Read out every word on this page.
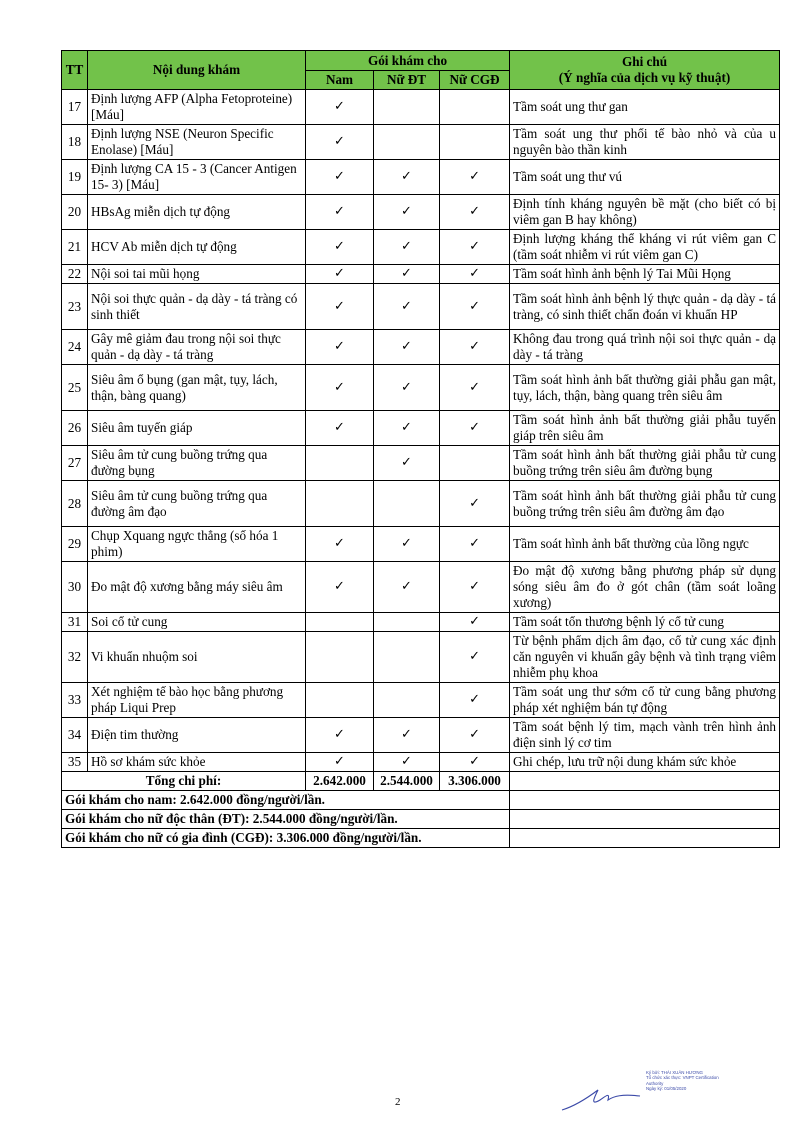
TT	Nội dung khám	Gói khám cho			Ghi chú
(Ý nghĩa của dịch vụ kỹ thuật)

		Nam	Nữ ĐT	Nữ CGĐ	
17	Định lượng AFP (Alpha Fetoproteine) [Máu]	✓			Tầm soát ung thư gan
18	Định lượng NSE (Neuron Specific Enolase) [Máu]	✓			Tầm soát ung thư phổi tế bào nhỏ và của u nguyên bào thần kinh
19	Định lượng CA 15 - 3 (Cancer Antigen 15- 3) [Máu]	✓	✓	✓	Tầm soát ung thư vú
20	HBsAg miễn dịch tự động	✓	✓	✓	Định tính kháng nguyên bề mặt (cho biết có bị viêm gan B hay không)
21	HCV Ab miễn dịch tự động	✓	✓	✓	Định lượng kháng thể kháng vi rút viêm gan C (tầm soát nhiễm vi rút viêm gan C)
22	Nội soi tai mũi họng	✓	✓	✓	Tầm soát hình ảnh bệnh lý Tai Mũi Họng
23	Nội soi thực quản - dạ dày - tá tràng có sinh thiết	✓	✓	✓	Tầm soát hình ảnh bệnh lý thực quản - dạ dày - tá tràng, có sinh thiết chẩn đoán vi khuẩn HP
24	Gây mê giảm đau trong nội soi thực quản - dạ dày - tá tràng	✓	✓	✓	Không đau trong quá trình nội soi thực quản - dạ dày - tá tràng
25	Siêu âm ổ bụng (gan mật, tụy, lách, thận, bàng quang)	✓	✓	✓	Tầm soát hình ảnh bất thường giải phẫu gan mật, tụy, lách, thận, bàng quang trên siêu âm
26	Siêu âm tuyến giáp	✓	✓	✓	Tầm soát hình ảnh bất thường giải phẫu tuyến giáp trên siêu âm
27	Siêu âm tử cung buồng trứng qua đường bụng		✓		Tầm soát hình ảnh bất thường giải phẫu tử cung buồng trứng trên siêu âm đường bụng
28	Siêu âm tử cung buồng trứng qua đường âm đạo			✓	Tầm soát hình ảnh bất thường giải phẫu tử cung buồng trứng trên siêu âm đường âm đạo
29	Chụp Xquang ngực thẳng (số hóa 1 phim)	✓	✓	✓	Tầm soát hình ảnh bất thường của lồng ngực
30	Đo mật độ xương bằng máy siêu âm	✓	✓	✓	Đo mật độ xương bằng phương pháp sử dụng sóng siêu âm đo ở gót chân (tầm soát loãng xương)
31	Soi cổ tử cung			✓	Tầm soát tổn thương bệnh lý cổ tử cung
32	Vi khuẩn nhuộm soi			✓	Từ bệnh phẩm dịch âm đạo, cổ tử cung xác định căn nguyên vi khuẩn gây bệnh và tình trạng viêm nhiễm phụ khoa
33	Xét nghiệm tế bào học bằng phương pháp Liqui Prep			✓	Tầm soát ung thư sớm cổ tử cung bằng phương pháp xét nghiệm bán tự động
34	Điện tim thường	✓	✓	✓	Tầm soát bệnh lý tim, mạch vành trên hình ảnh điện sinh lý cơ tim
35	Hồ sơ khám sức khỏe	✓	✓	✓	Ghi chép, lưu trữ nội dung khám sức khỏe
Tổng chi phí:		2.642.000	2.544.000	3.306.000	
Gói khám cho nam: 2.642.000 đồng/người/lần.					
Gói khám cho nữ độc thân (ĐT): 2.544.000 đồng/người/lần.					
Gói khám cho nữ có gia đình (CGĐ): 3.306.000 đồng/người/lần.					
2
Ký bởi: THÁI XUÂN HƯƠNG
Tổ chức xác thực: VNPT Certification
Authority
Ngày ký: 01/05/2020
